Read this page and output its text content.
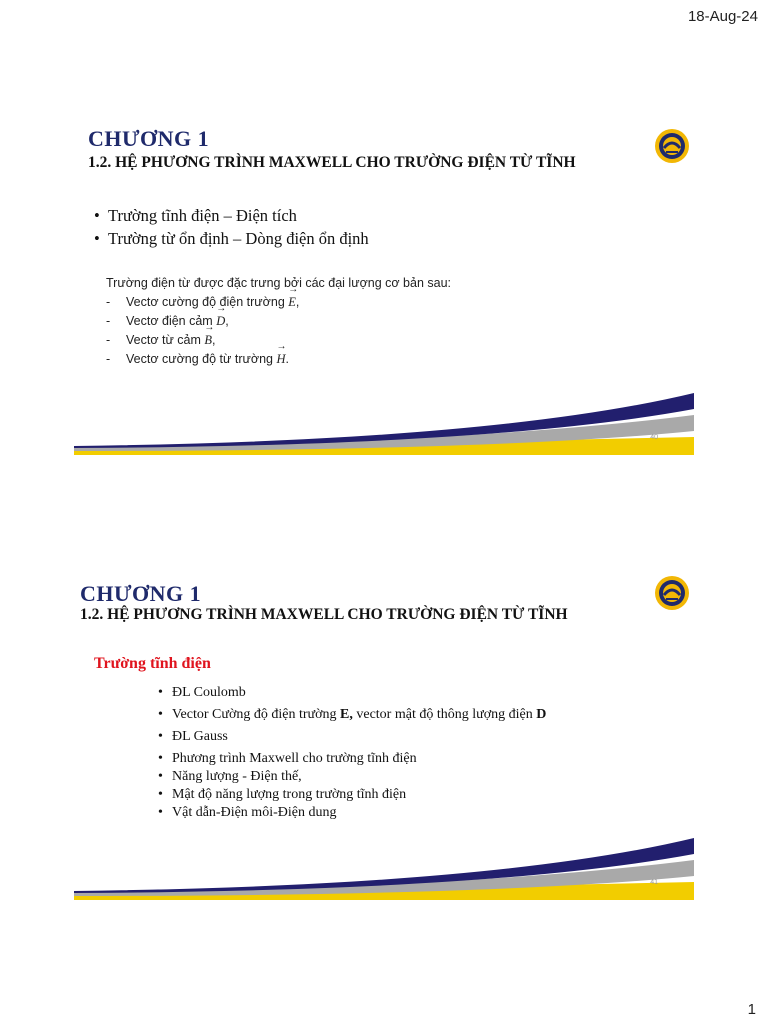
18-Aug-24
CHƯƠNG 1
1.2. HỆ PHƯƠNG TRÌNH MAXWELL CHO TRƯỜNG ĐIỆN TỪ TĨNH
• Trường tĩnh điện – Điện tích
• Trường từ ổn định – Dòng điện ổn định
Trường điện từ được đặc trưng bởi các đại lượng cơ bản sau:
- Vectơ cường độ điện trường → E,
- Vectơ điện cảm → D,
- Vectơ từ cảm → B,
- Vectơ cường độ từ trường → H.
40
CHƯƠNG 1
1.2. HỆ PHƯƠNG TRÌNH MAXWELL CHO TRƯỜNG ĐIỆN TỪ TĨNH
Trường tĩnh điện
• ĐL Coulomb
• Vector Cường độ điện trường E, vector mật độ thông lượng điện D
• ĐL Gauss
• Phương trình Maxwell cho trường tĩnh điện
• Năng lượng - Điện thế,
• Mật độ năng lượng trong trường tĩnh điện
• Vật dẫn-Điện môi-Điện dung
41
1
